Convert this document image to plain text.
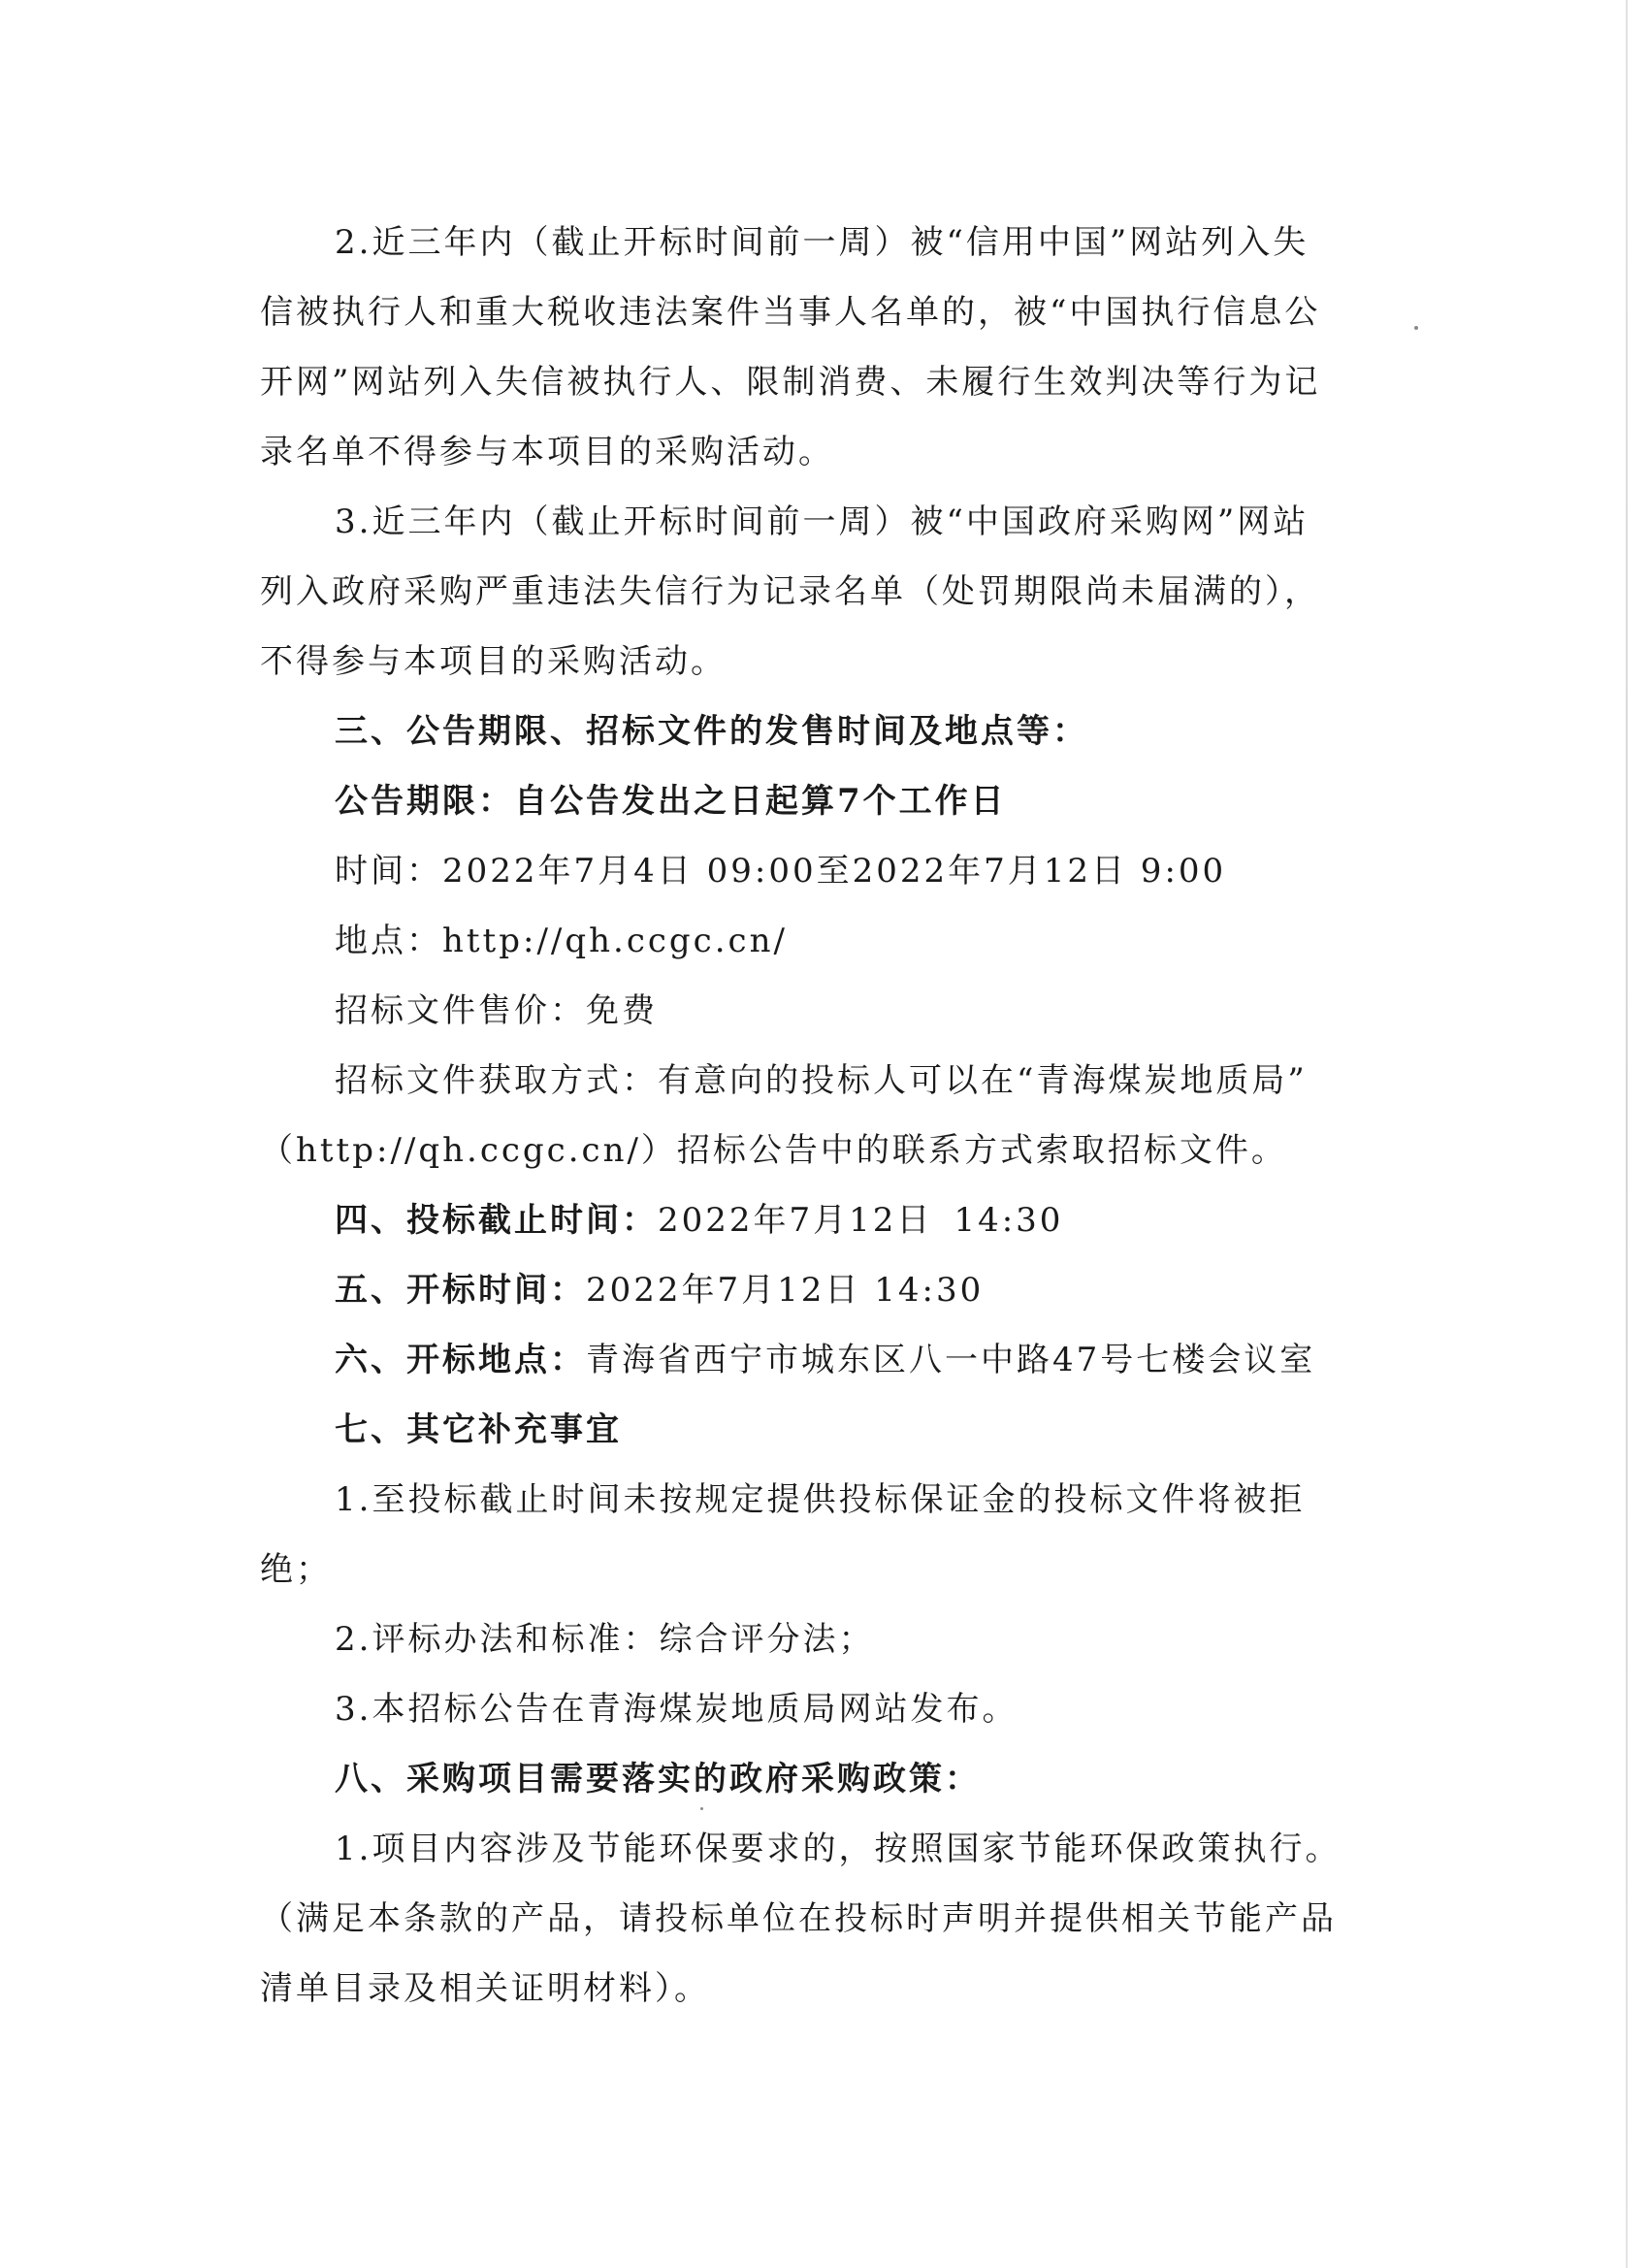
2.近三年内（截止开标时间前一周）被“信用中国”网站列入失

信被执行人和重大税收违法案件当事人名单的，被“中国执行信息公

开网”网站列入失信被执行人、限制消费、未履行生效判决等行为记

录名单不得参与本项目的采购活动。

3.近三年内（截止开标时间前一周）被“中国政府采购网”网站

列入政府采购严重违法失信行为记录名单（处罚期限尚未届满的），

不得参与本项目的采购活动。

三、公告期限、招标文件的发售时间及地点等：

公告期限：自公告发出之日起算7个工作日

时间：2022年7月4日 09:00至2022年7月12日 9:00

地点：http://qh.ccgc.cn/

招标文件售价：免费

招标文件获取方式：有意向的投标人可以在“青海煤炭地质局”

（http://qh.ccgc.cn/）招标公告中的联系方式索取招标文件。

四、投标截止时间：2022年7月12日 14:30

五、开标时间：2022年7月12日 14:30

六、开标地点：青海省西宁市城东区八一中路47号七楼会议室

七、其它补充事宜

1.至投标截止时间未按规定提供投标保证金的投标文件将被拒

绝；

2.评标办法和标准：综合评分法；

3.本招标公告在青海煤炭地质局网站发布。

八、采购项目需要落实的政府采购政策：

1.项目内容涉及节能环保要求的，按照国家节能环保政策执行。

（满足本条款的产品，请投标单位在投标时声明并提供相关节能产品

清单目录及相关证明材料）。
